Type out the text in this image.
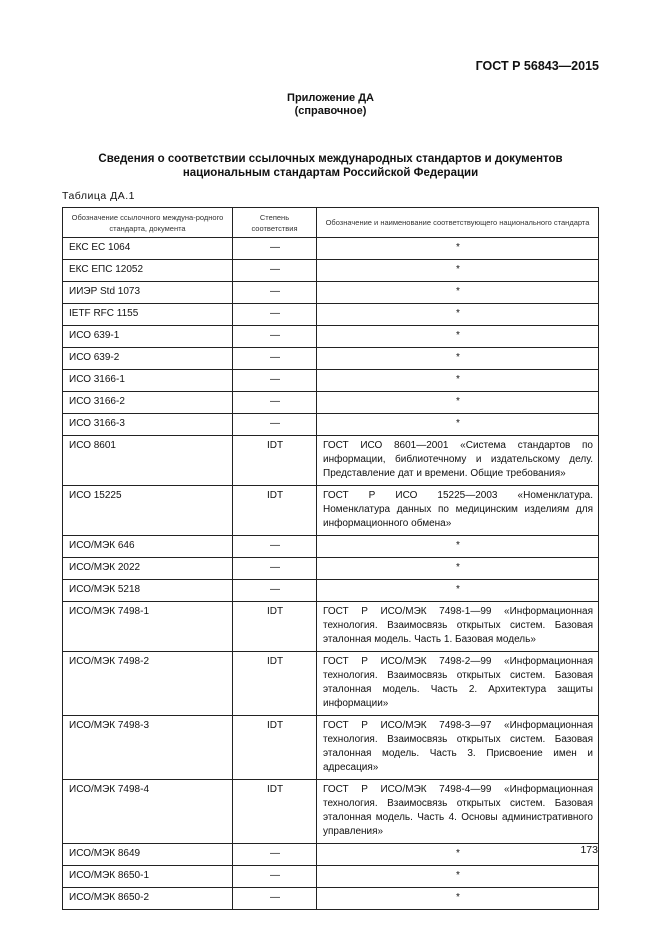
ГОСТ Р 56843—2015
Приложение ДА
(справочное)
Сведения о соответствии ссылочных международных стандартов и документов
национальным стандартам Российской Федерации
Таблица ДА.1
Обозначение ссылочного междуна-родного стандарта, документа	Степень соответствия	Обозначение и наименование соответствующего национального стандарта
ЕКС ЕС 1064	—	*
ЕКС ЕПС 12052	—	*
ИИЭР Std 1073	—	*
IETF RFC 1155	—	*
ИСО 639-1	—	*
ИСО 639-2	—	*
ИСО 3166-1	—	*
ИСО 3166-2	—	*
ИСО 3166-3	—	*
ИСО 8601	IDT	ГОСТ ИСО 8601—2001 «Система стандартов по информации, библиотечному и издательскому делу. Представление дат и времени. Общие требования»
ИСО 15225	IDT	ГОСТ Р ИСО 15225—2003 «Номенклатура. Номенклатура данных по медицинским изделиям для информационного обмена»
ИСО/МЭК 646	—	*
ИСО/МЭК 2022	—	*
ИСО/МЭК 5218	—	*
ИСО/МЭК 7498-1	IDT	ГОСТ Р ИСО/МЭК 7498-1—99 «Информационная технология. Взаимосвязь открытых систем. Базовая эталонная модель. Часть 1. Базовая модель»
ИСО/МЭК 7498-2	IDT	ГОСТ Р ИСО/МЭК 7498-2—99 «Информационная технология. Взаимосвязь открытых систем. Базовая эталонная модель. Часть 2. Архитектура защиты информации»
ИСО/МЭК 7498-3	IDT	ГОСТ Р ИСО/МЭК 7498-3—97 «Информационная технология. Взаимосвязь открытых систем. Базовая эталонная модель. Часть 3. Присвоение имен и адресация»
ИСО/МЭК 7498-4	IDT	ГОСТ Р ИСО/МЭК 7498-4—99 «Информационная технология. Взаимосвязь открытых систем. Базовая эталонная модель. Часть 4. Основы административного управления»
ИСО/МЭК 8649	—	*
ИСО/МЭК 8650-1	—	*
ИСО/МЭК 8650-2	—	*
173
